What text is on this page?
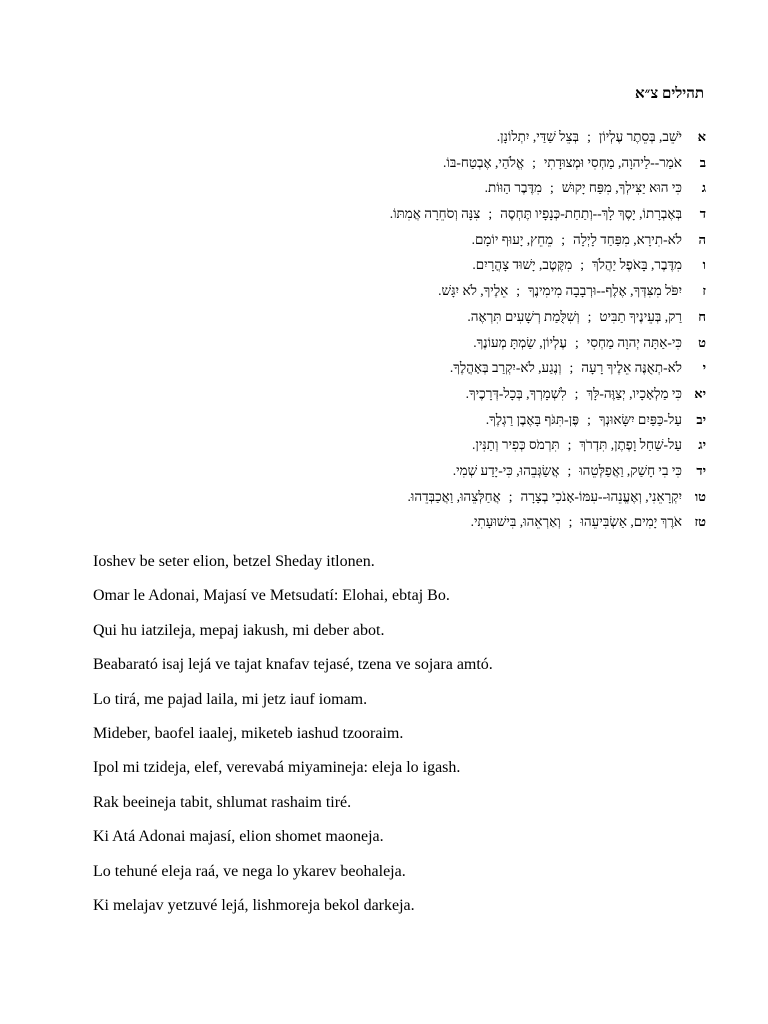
תהילים צ״א
איֹשֵׁב, בְּסֵתֶר עֶלְיוֹן;בְּצֵל שַׁדַּי, יִתְלוֹנָן.
באֹמַר--לַיהוָה, מַחְסִי וּמְצוּדָתִי;אֱלֹהַי, אֶבְטַח-בּוֹ.
גכִּי הוּא יַצִּילְךָ, מִפַּח יָקוּשׁ;מִדֶּבֶר הַוּוֹת.
דבְּאֶבְרָתוֹ, יָסֶךְ לָךְ--וְתַחַת-כְּנָפָיו תֶּחְסֶה;צִנָּה וְסֹחֵרָה אֲמִתּוֹ.
הלֹא-תִירָא, מִפַּחַד לָיְלָה;מֵחֵץ, יָעוּף יוֹמָם.
ומִדֶּבֶר, בָּאֹפֶל יַהֲלֹךְ;מִקֶּטֶב, יָשׁוּד צָהֳרָיִם.
זיִפֹּל מִצִּדְּךָ, אֶלֶף--וּרְבָבָה מִימִינֶךָ;אֵלֶיךָ, לֹא יִגָּשׁ.
חרַק, בְּעֵינֶיךָ תַבִּיט;וְשִׁלֻּמַת רְשָׁעִים תִּרְאֶה.
טכִּי-אַתָּה יְהוָה מַחְסִי;עֶלְיוֹן, שַׂמְתָּ מְעוֹנֶךָ.
ילֹא-תְאֻנֶּה אֵלֶיךָ רָעָה;וְנֶגַע, לֹא-יִקְרַב בְּאָהֳלֶךָ.
יאכִּי מַלְאָכָיו, יְצַוֶּה-לָּךְ;לִשְׁמָרְךָ, בְּכָל-דְּרָכֶיךָ.
יבעַל-כַּפַּיִם יִשָּׂאוּנְךָ;פֶּן-תִּגֹּף בָּאֶבֶן רַגְלֶךָ.
יגעַל-שַׁחַל וָפֶתֶן, תִּדְרֹךְ;תִּרְמֹס כְּפִיר וְתַנִּין.
ידכִּי בִי חָשַׁק, וַאֲפַלְּטֵהוּ;אֲשַׂגְּבֵהוּ, כִּי-יָדַע שְׁמִי.
טויִקְרָאֵנִי, וְאֶעֱנֵהוּ--עִמּוֹ-אָנֹכִי בְצָרָה;אֲחַלְּצֵהוּ, וַאֲכַבְּדֵהוּ.
טזאֹרֶךְ יָמִים, אַשְׂבִּיעֵהוּ;וְאַרְאֵהוּ, בִּישׁוּעָתִי.

Ioshev be seter elion, betzel Sheday itlonen.

Omar le Adonai, Majasí ve Metsudatí: Elohai, ebtaj Bo.

Qui hu iatzileja, mepaj iakush, mi deber abot.

Beabarató isaj lejá ve tajat knafav tejasé, tzena ve sojara amtó.

Lo tirá, me pajad laila, mi jetz iauf iomam.

Mideber, baofel iaalej, miketeb iashud tzooraim.

Ipol mi tzideja, elef, verevabá miyamineja: eleja lo igash.

Rak beeineja tabit, shlumat rashaim tiré.

Ki Atá Adonai majasí, elion shomet maoneja.

Lo tehuné eleja raá, ve nega lo ykarev beohaleja.

Ki melajav yetzuvé lejá, lishmoreja bekol darkeja.
